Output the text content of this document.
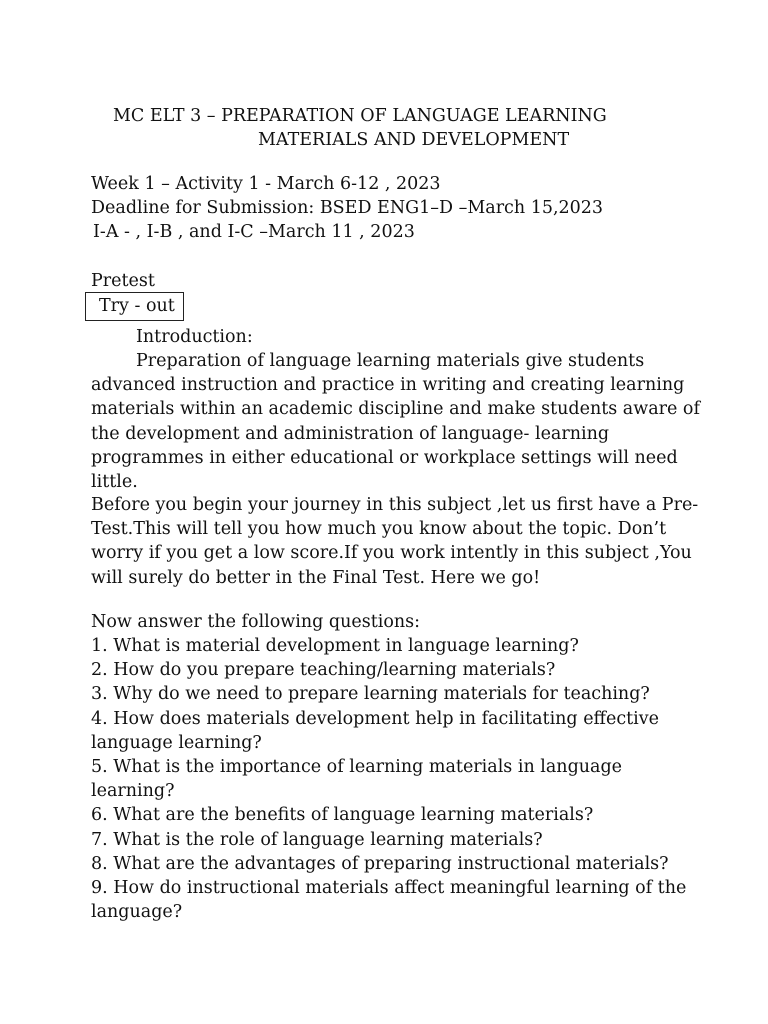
MC ELT 3 – PREPARATION OF LANGUAGE LEARNING
MATERIALS AND DEVELOPMENT
Week 1 – Activity 1 - March 6-12 , 2023
Deadline for Submission: BSED ENG1–D –March 15,2023
I-A - , I-B , and I-C –March 11 , 2023
Pretest
Try - out
Introduction:
Preparation of language learning materials give students
advanced instruction and practice in writing and creating learning
materials within an academic discipline and make students aware of
the development and administration of language- learning
programmes in either educational or workplace settings will need
little.
Before you begin your journey in this subject ,let us first have a Pre-
Test.This will tell you how much you know about the topic. Don’t
worry if you get a low score.If you work intently in this subject ,You
will surely do better in the Final Test. Here we go!
Now answer the following questions:
1. What is material development in language learning?
2. How do you prepare teaching/learning materials?
3. Why do we need to prepare learning materials for teaching?
4. How does materials development help in facilitating effective
language learning?
5. What is the importance of learning materials in language
learning?
6. What are the benefits of language learning materials?
7. What is the role of language learning materials?
8. What are the advantages of preparing instructional materials?
9. How do instructional materials affect meaningful learning of the
language?
